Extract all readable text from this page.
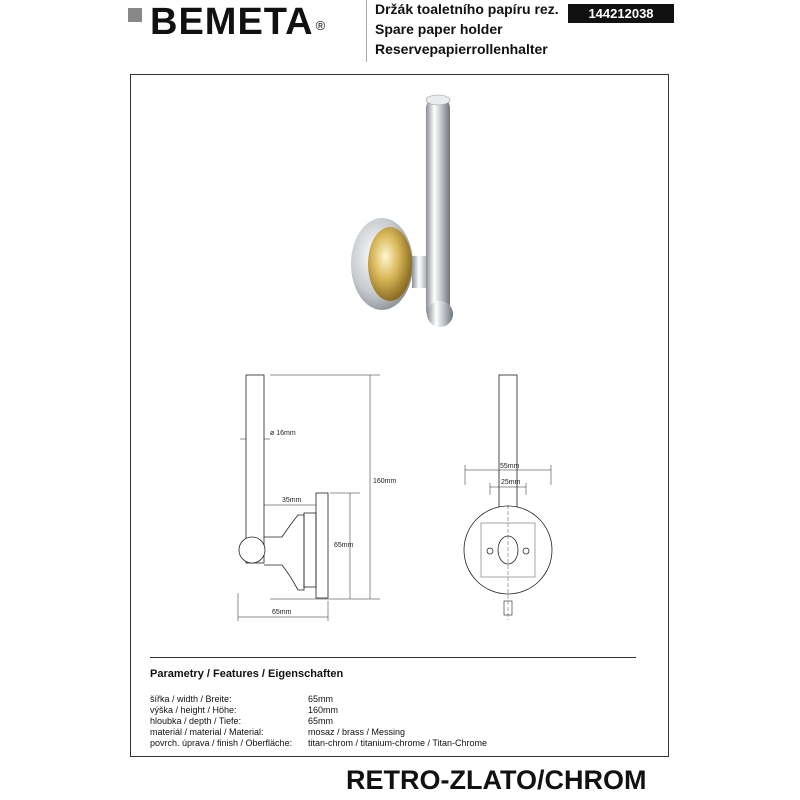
BEMETA ®
Držák toaletního papíru rez.
Spare paper holder
Reservepapierrollenhalter
144212038
ø 16mm
160mm
35mm
65mm
65mm
55mm
25mm
Parametry / Features / Eigenschaften
šířka / width / Breite:	65mm
výška / height / Höhe:	160mm
hloubka / depth / Tiefe:	65mm
materiál / material / Material:	mosaz / brass / Messing
povrch. úprava / finish / Oberfläche: titan-chrom / titanium-chrome / Titan-Chrome
RETRO-ZLATO/CHROM
